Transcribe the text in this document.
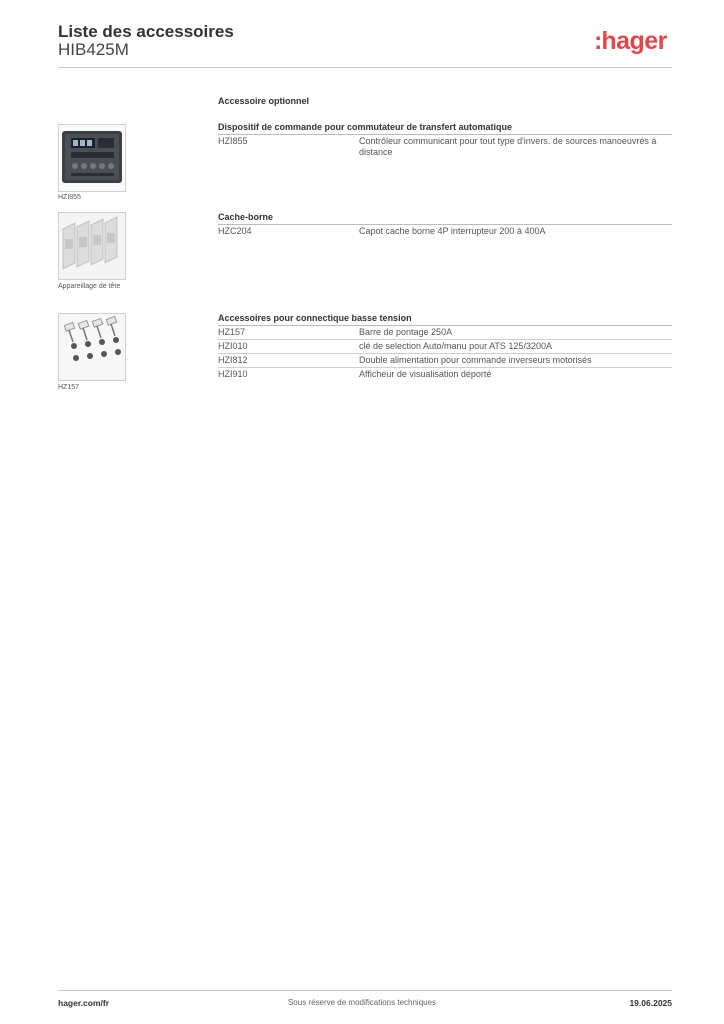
Liste des accessoires
HIB425M	:hager
Accessoire optionnel
HZI855
Appareillage de tête
HZ157
Dispositif de commande pour commutateur de transfert automatique
HZI855	Contrôleur communicant pour tout type d'invers. de sources manoeuvrés à distance
Cache-borne
HZC204	Capot cache borne 4P interrupteur 200 à 400A
Accessoires pour connectique basse tension
HZ157	Barre de pontage 250A
HZI010	clé de selection Auto/manu pour ATS 125/3200A
HZI812	Double alimentation pour commande inverseurs motorisés
HZI910	Afficheur de visualisation déporté
hager.com/fr	Sous réserve de modifications techniques	19.06.2025
